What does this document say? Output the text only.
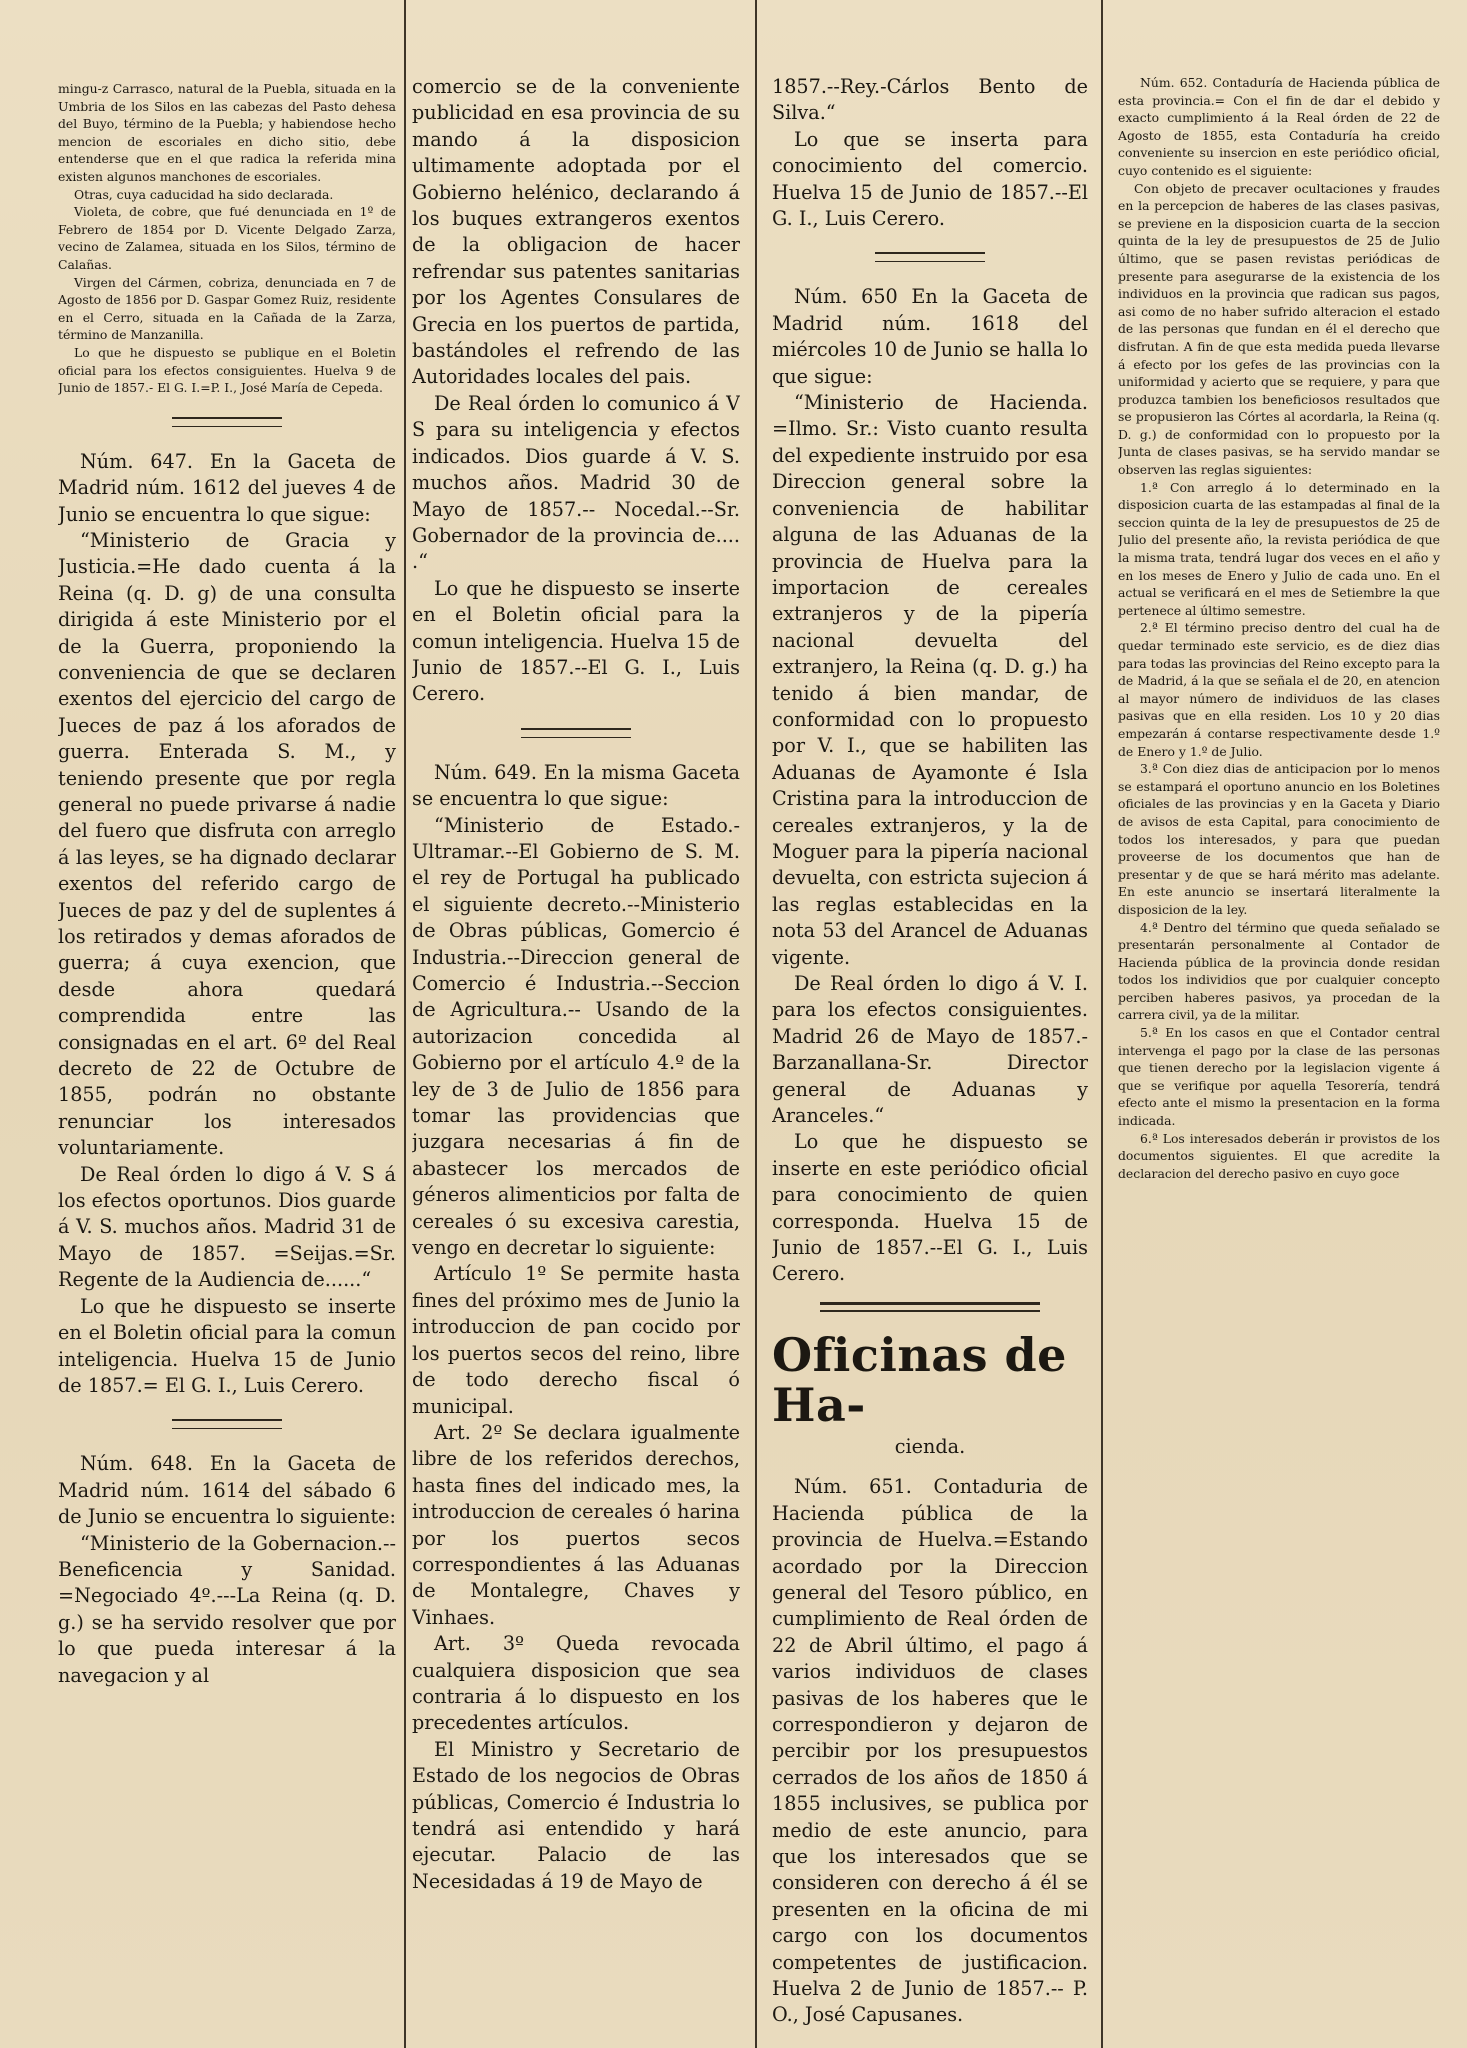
mingu-z Carrasco, natural de la Puebla, situada en la Umbria de los Silos en las cabezas del Pasto dehesa del Buyo, término de la Puebla; y habiendose hecho mencion de escoriales en dicho sitio, debe entenderse que en el que radica la referida mina existen algunos manchones de escoriales.

Otras, cuya caducidad ha sido declarada.

Violeta, de cobre, que fué denunciada en 1º de Febrero de 1854 por D. Vicente Delgado Zarza, vecino de Zalamea, situada en los Silos, término de Calañas.

Virgen del Cármen, cobriza, denunciada en 7 de Agosto de 1856 por D. Gaspar Gomez Ruiz, residente en el Cerro, situada en la Cañada de la Zarza, término de Manzanilla.

Lo que he dispuesto se publique en el Boletin oficial para los efectos consiguientes. Huelva 9 de Junio de 1857.- El G. I.=P. I., José María de Cepeda.

Núm. 647. En la Gaceta de Madrid núm. 1612 del jueves 4 de Junio se encuentra lo que sigue:

“Ministerio de Gracia y Justicia.=He dado cuenta á la Reina (q. D. g) de una consulta dirigida á este Ministerio por el de la Guerra, proponiendo la conveniencia de que se declaren exentos del ejercicio del cargo de Jueces de paz á los aforados de guerra. Enterada S. M., y teniendo presente que por regla general no puede privarse á nadie del fuero que disfruta con arreglo á las leyes, se ha dignado declarar exentos del referido cargo de Jueces de paz y del de suplentes á los retirados y demas aforados de guerra; á cuya exencion, que desde ahora quedará comprendida entre las consignadas en el art. 6º del Real decreto de 22 de Octubre de 1855, podrán no obstante renunciar los interesados voluntariamente.

De Real órden lo digo á V. S á los efectos oportunos. Dios guarde á V. S. muchos años. Madrid 31 de Mayo de 1857. =Seijas.=Sr. Regente de la Audiencia de......“

Lo que he dispuesto se inserte en el Boletin oficial para la comun inteligencia. Huelva 15 de Junio de 1857.= El G. I., Luis Cerero.

Núm. 648. En la Gaceta de Madrid núm. 1614 del sábado 6 de Junio se encuentra lo siguiente:

“Ministerio de la Gobernacion.--Beneficencia y Sanidad. =Negociado 4º.---La Reina (q. D. g.) se ha servido resolver que por lo que pueda interesar á la navegacion y al

comercio se de la conveniente publicidad en esa provincia de su mando á la disposicion ultimamente adoptada por el Gobierno helénico, declarando á los buques extrangeros exentos de la obligacion de hacer refrendar sus patentes sanitarias por los Agentes Consulares de Grecia en los puertos de partida, bastándoles el refrendo de las Autoridades locales del pais.

De Real órden lo comunico á V S para su inteligencia y efectos indicados. Dios guarde á V. S. muchos años. Madrid 30 de Mayo de 1857.-- Nocedal.--Sr. Gobernador de la provincia de.... .“

Lo que he dispuesto se inserte en el Boletin oficial para la comun inteligencia. Huelva 15 de Junio de 1857.--El G. I., Luis Cerero.

Núm. 649. En la misma Gaceta se encuentra lo que sigue:

“Ministerio de Estado.- Ultramar.--El Gobierno de S. M. el rey de Portugal ha publicado el siguiente decreto.--Ministerio de Obras públicas, Gomercio é Industria.--Direccion general de Comercio é Industria.--Seccion de Agricultura.-- Usando de la autorizacion concedida al Gobierno por el artículo 4.º de la ley de 3 de Julio de 1856 para tomar las providencias que juzgara necesarias á fin de abastecer los mercados de géneros alimenticios por falta de cereales ó su excesiva carestia, vengo en decretar lo siguiente:

Artículo 1º Se permite hasta fines del próximo mes de Junio la introduccion de pan cocido por los puertos secos del reino, libre de todo derecho fiscal ó municipal.

Art. 2º Se declara igualmente libre de los referidos derechos, hasta fines del indicado mes, la introduccion de cereales ó harina por los puertos secos correspondientes á las Aduanas de Montalegre, Chaves y Vinhaes.

Art. 3º Queda revocada cualquiera disposicion que sea contraria á lo dispuesto en los precedentes artículos.

El Ministro y Secretario de Estado de los negocios de Obras públicas, Comercio é Industria lo tendrá asi entendido y hará ejecutar. Palacio de las Necesidadas á 19 de Mayo de

1857.--Rey.-Cárlos Bento de Silva.“

Lo que se inserta para conocimiento del comercio. Huelva 15 de Junio de 1857.--El G. I., Luis Cerero.

Núm. 650 En la Gaceta de Madrid núm. 1618 del miércoles 10 de Junio se halla lo que sigue:

“Ministerio de Hacienda. =Ilmo. Sr.: Visto cuanto resulta del expediente instruido por esa Direccion general sobre la conveniencia de habilitar alguna de las Aduanas de la provincia de Huelva para la importacion de cereales extranjeros y de la pipería nacional devuelta del extranjero, la Reina (q. D. g.) ha tenido á bien mandar, de conformidad con lo propuesto por V. I., que se habiliten las Aduanas de Ayamonte é Isla Cristina para la introduccion de cereales extranjeros, y la de Moguer para la pipería nacional devuelta, con estricta sujecion á las reglas establecidas en la nota 53 del Arancel de Aduanas vigente.

De Real órden lo digo á V. I. para los efectos consiguientes. Madrid 26 de Mayo de 1857.- Barzanallana-Sr. Director general de Aduanas y Aranceles.“

Lo que he dispuesto se inserte en este periódico oficial para conocimiento de quien corresponda. Huelva 15 de Junio de 1857.--El G. I., Luis Cerero.

Oficinas de Ha-

cienda.

Núm. 651. Contaduria de Hacienda pública de la provincia de Huelva.=Estando acordado por la Direccion general del Tesoro público, en cumplimiento de Real órden de 22 de Abril último, el pago á varios individuos de clases pasivas de los haberes que le correspondieron y dejaron de percibir por los presupuestos cerrados de los años de 1850 á 1855 inclusives, se publica por medio de este anuncio, para que los interesados que se consideren con derecho á él se presenten en la oficina de mi cargo con los documentos competentes de justificacion. Huelva 2 de Junio de 1857.-- P. O., José Capusanes.

Núm. 652. Contaduría de Hacienda pública de esta provincia.= Con el fin de dar el debido y exacto cumplimiento á la Real órden de 22 de Agosto de 1855, esta Contaduría ha creido conveniente su insercion en este periódico oficial, cuyo contenido es el siguiente:

Con objeto de precaver ocultaciones y fraudes en la percepcion de haberes de las clases pasivas, se previene en la disposicion cuarta de la seccion quinta de la ley de presupuestos de 25 de Julio último, que se pasen revistas periódicas de presente para asegurarse de la existencia de los individuos en la provincia que radican sus pagos, asi como de no haber sufrido alteracion el estado de las personas que fundan en él el derecho que disfrutan. A fin de que esta medida pueda llevarse á efecto por los gefes de las provincias con la uniformidad y acierto que se requiere, y para que produzca tambien los beneficiosos resultados que se propusieron las Córtes al acordarla, la Reina (q. D. g.) de conformidad con lo propuesto por la Junta de clases pasivas, se ha servido mandar se observen las reglas siguientes:

1.ª Con arreglo á lo determinado en la disposicion cuarta de las estampadas al final de la seccion quinta de la ley de presupuestos de 25 de Julio del presente año, la revista periódica de que la misma trata, tendrá lugar dos veces en el año y en los meses de Enero y Julio de cada uno. En el actual se verificará en el mes de Setiembre la que pertenece al último semestre.

2.ª El término preciso dentro del cual ha de quedar terminado este servicio, es de diez dias para todas las provincias del Reino excepto para la de Madrid, á la que se señala el de 20, en atencion al mayor número de individuos de las clases pasivas que en ella residen. Los 10 y 20 dias empezarán á contarse respectivamente desde 1.º de Enero y 1.º de Julio.

3.ª Con diez dias de anticipacion por lo menos se estampará el oportuno anuncio en los Boletines oficiales de las provincias y en la Gaceta y Diario de avisos de esta Capital, para conocimiento de todos los interesados, y para que puedan proveerse de los documentos que han de presentar y de que se hará mérito mas adelante. En este anuncio se insertará literalmente la disposicion de la ley.

4.ª Dentro del término que queda señalado se presentarán personalmente al Contador de Hacienda pública de la provincia donde residan todos los individios que por cualquier concepto perciben haberes pasivos, ya procedan de la carrera civil, ya de la militar.

5.ª En los casos en que el Contador central intervenga el pago por la clase de las personas que tienen derecho por la legislacion vigente á que se verifique por aquella Tesorería, tendrá efecto ante el mismo la presentacion en la forma indicada.

6.ª Los interesados deberán ir provistos de los documentos siguientes. El que acredite la declaracion del derecho pasivo en cuyo goce
